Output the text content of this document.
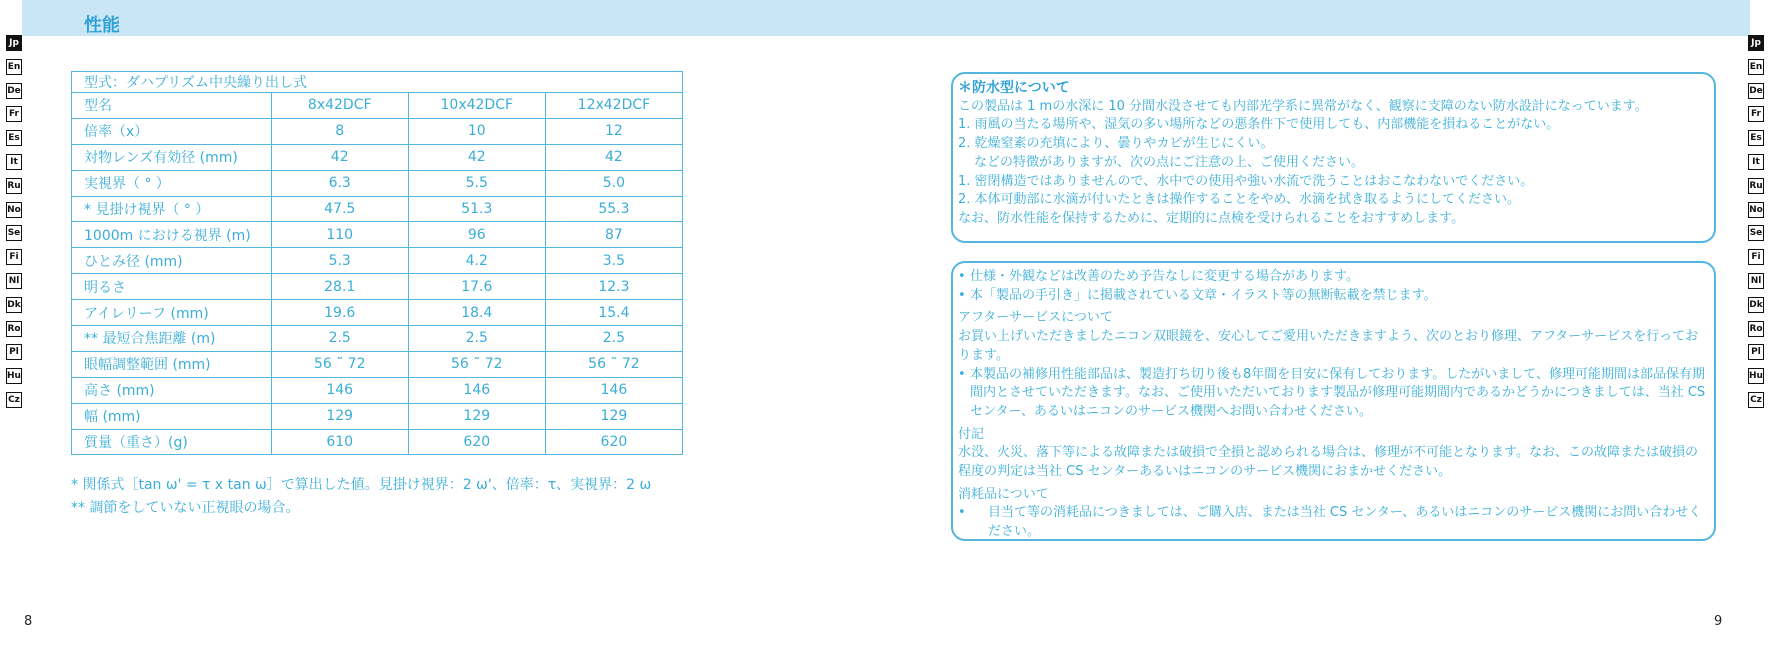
性能
Jp
En
De
Fr
Es
It
Ru
No
Se
Fi
Nl
Dk
Ro
Pl
Hu
Cz
Jp
En
De
Fr
Es
It
Ru
No
Se
Fi
Nl
Dk
Ro
Pl
Hu
Cz
型式：ダハプリズム中央繰り出し式			
型名	8x42DCF	10x42DCF	12x42DCF
倍率（x）	8	10	12
対物レンズ有効径 (mm)	42	42	42
実視界（ ° ）	6.3	5.5	5.0
* 見掛け視界（ ° ）	47.5	51.3	55.3
1000m における視界 (m)	110	96	87
ひとみ径 (mm)	5.3	4.2	3.5
明るさ	28.1	17.6	12.3
アイレリーフ (mm)	19.6	18.4	15.4
** 最短合焦距離 (m)	2.5	2.5	2.5
眼幅調整範囲 (mm)	56 ˜ 72	56 ˜ 72	56 ˜ 72
高さ (mm)	146	146	146
幅 (mm)	129	129	129
質量（重さ）(g)	610	620	620
* 関係式［tan ω' = τ x tan ω］で算出した値。見掛け視界：2 ω'、倍率：τ、実視界：2 ω
** 調節をしていない正視眼の場合。
＊防水型について
この製品は 1 mの水深に 10 分間水没させても内部光学系に異常がなく、観察に支障のない防水設計になっています。
1. 雨風の当たる場所や、湿気の多い場所などの悪条件下で使用しても、内部機能を損ねることがない。
2. 乾燥窒素の充填により、曇りやカビが生じにくい。
などの特徴がありますが、次の点にご注意の上、ご使用ください。
1. 密閉構造ではありませんので、水中での使用や強い水流で洗うことはおこなわないでください。
2. 本体可動部に水滴が付いたときは操作することをやめ、水滴を拭き取るようにしてください。
なお、防水性能を保持するために、定期的に点検を受けられることをおすすめします。
• 仕様・外観などは改善のため予告なしに変更する場合があります。
• 本「製品の手引き」に掲載されている文章・イラスト等の無断転載を禁じます。
アフターサービスについて
お買い上げいただきましたニコン双眼鏡を、安心してご愛用いただきますよう、次のとおり修理、アフターサービスを行っております。
• 本製品の補修用性能部品は、製造打ち切り後も8年間を目安に保有しております。したがいまして、修理可能期間は部品保有期間内とさせていただきます。なお、ご使用いただいております製品が修理可能期間内であるかどうかにつきましては、当社 CS センター、あるいはニコンのサービス機関へお問い合わせください。
付記
水没、火災、落下等による故障または破損で全損と認められる場合は、修理が不可能となります。なお、この故障または破損の程度の判定は当社 CS センターあるいはニコンのサービス機関におまかせください。
消耗品について
• 目当て等の消耗品につきましては、ご購入店、または当社 CS センター、あるいはニコンのサービス機関にお問い合わせください。
8	9
